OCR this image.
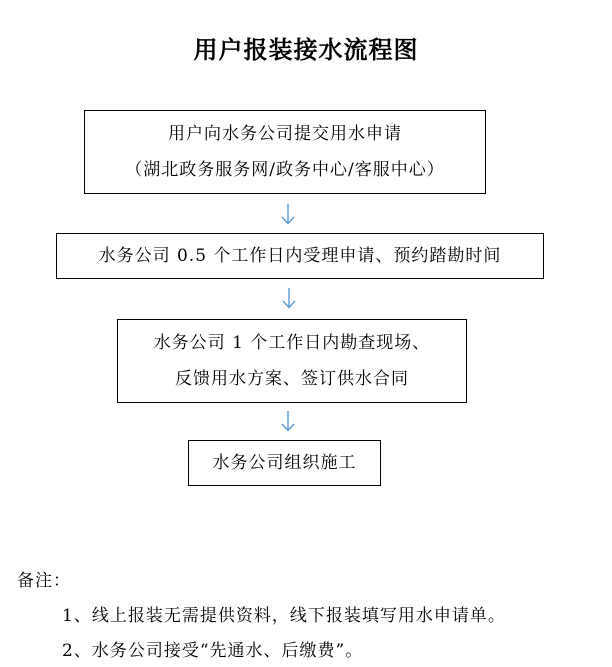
用户报装接水流程图
用户向水务公司提交用水申请
（湖北政务服务网/政务中心/客服中心）
水务公司 0.5 个工作日内受理申请、预约踏勘时间
水务公司 1 个工作日内勘查现场、
反馈用水方案、签订供水合同
水务公司组织施工
备注：
1、线上报装无需提供资料，线下报装填写用水申请单。
2、水务公司接受“先通水、后缴费”。
